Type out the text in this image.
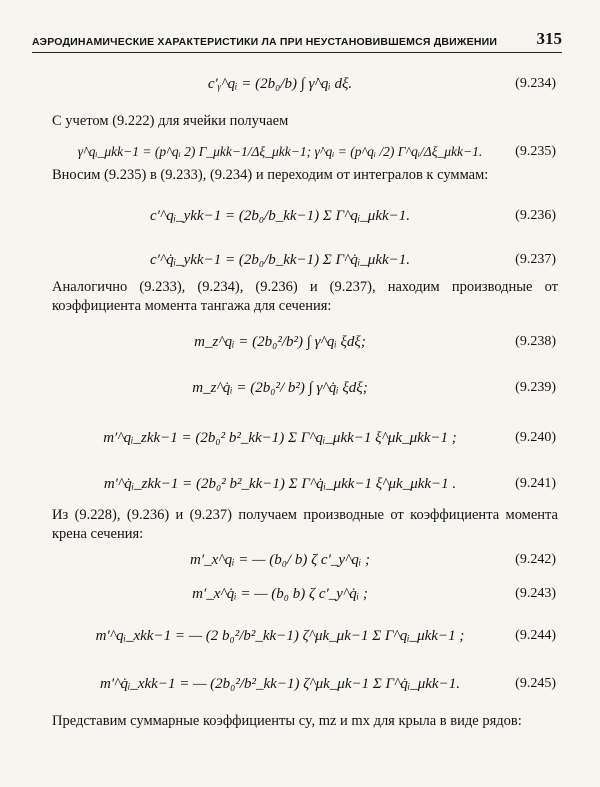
АЭРОДИНАМИЧЕСКИЕ ХАРАКТЕРИСТИКИ ЛА ПРИ НЕУСТАНОВИВШЕМСЯ ДВИЖЕНИИ 315
c′ᵧ^qᵢ = (2b₀/b) ∫ γ̇^qᵢ dξ.	(9.234)
С учетом (9.222) для ячейки получаем
γ̇^qᵢ_μkk−1 = (p^qᵢ 2) Γ_μkk−1/Δξ_μkk−1; γ̇^qᵢ = (p^qᵢ /2) Γ^qᵢ/Δξ_μkk−1.	(9.235)
Вносим (9.235) в (9.233), (9.234) и переходим от интегралов к суммам:
c′^qᵢ_ykk−1 = (2b₀/b_kk−1) Σ Γ^qᵢ_μkk−1.	(9.236)
c′^q̇ᵢ_ykk−1 = (2b₀/b_kk−1) Σ Γ^q̇ᵢ_μkk−1.	(9.237)
Аналогично (9.233), (9.234), (9.236) и (9.237), находим производные от коэффициента момента тангажа для сечения:
m_z^qᵢ = (2b₀²/b²) ∫ γ^qᵢ ξdξ;	(9.238)
m_z^q̇ᵢ = (2b₀²/ b²) ∫ γ^q̇ᵢ ξdξ;	(9.239)
m′^qᵢ_zkk−1 = (2b₀² b²_kk−1) Σ Γ^qᵢ_μkk−1 ξ^μk_μkk−1 ;	(9.240)
m′^q̇ᵢ_zkk−1 = (2b₀² b²_kk−1) Σ Γ^q̇ᵢ_μkk−1 ξ^μk_μkk−1 .	(9.241)
Из (9.228), (9.236) и (9.237) получаем производные от коэффициента момента крена сечения:
m′_x^qᵢ = — (b₀/ b) ζ c′_y^qᵢ ;	(9.242)
m′_x^q̇ᵢ = — (b₀ b) ζ c′_y^q̇ᵢ ;	(9.243)
m′^qᵢ_xkk−1 = — (2 b₀²/b²_kk−1) ζ^μk_μk−1 Σ Γ^qᵢ_μkk−1 ;	(9.244)
m′^q̇ᵢ_xkk−1 = — (2b₀²/b²_kk−1) ζ^μk_μk−1 Σ Γ^q̇ᵢ_μkk−1.	(9.245)
Представим суммарные коэффициенты cy, mz и mx для крыла в виде рядов:
